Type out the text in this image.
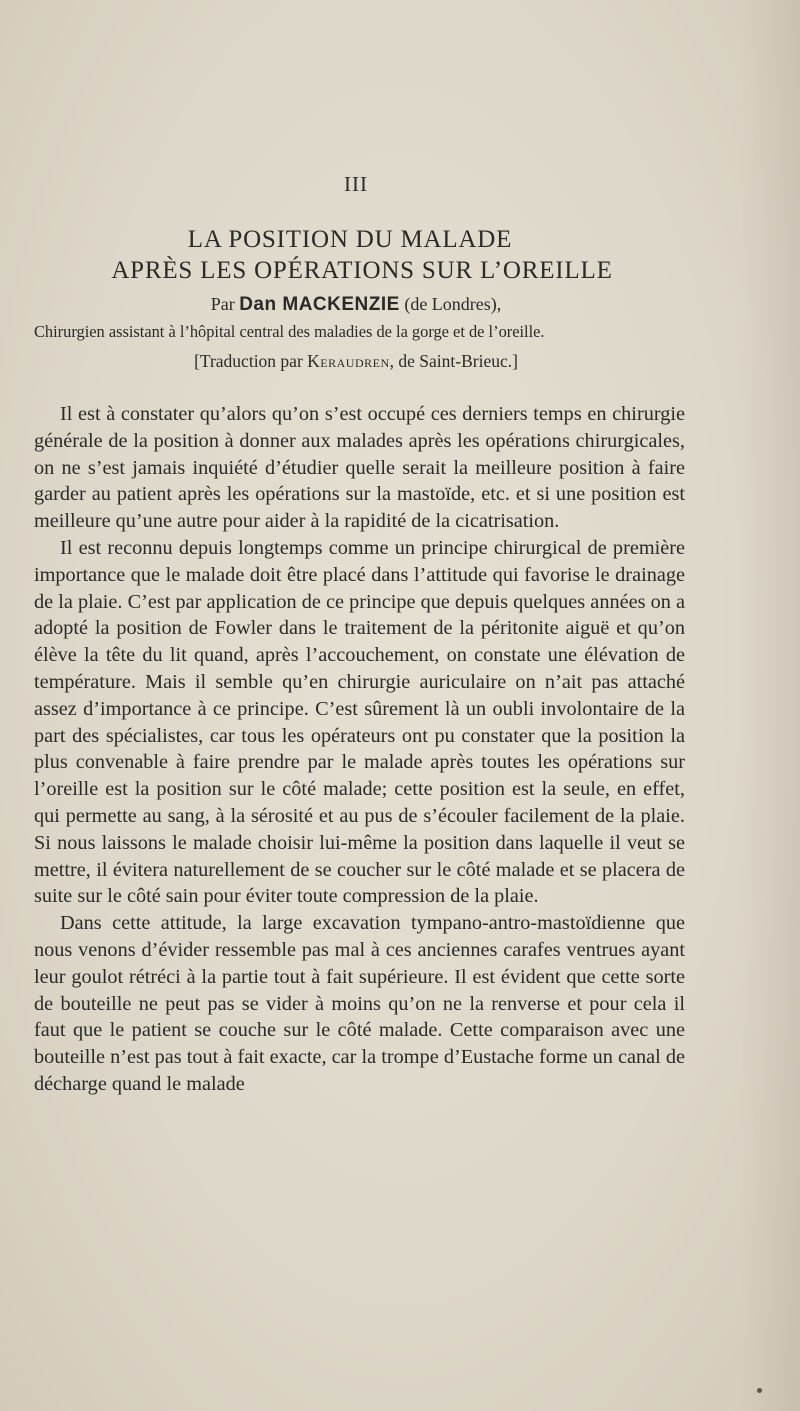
III
LA POSITION DU MALADE
APRÈS LES OPÉRATIONS SUR L’OREILLE
Par Dan MACKENZIE (de Londres),
Chirurgien assistant à l’hôpital central des maladies de la gorge et de l’oreille.
[Traduction par Keraudren, de Saint-Brieuc.]

Il est à constater qu’alors qu’on s’est occupé ces derniers temps en chirurgie générale de la position à donner aux malades après les opérations chirurgicales, on ne s’est jamais inquiété d’étudier quelle serait la meilleure position à faire garder au patient après les opérations sur la mastoïde, etc. et si une position est meilleure qu’une autre pour aider à la rapidité de la cicatrisation.

Il est reconnu depuis longtemps comme un principe chirurgical de première importance que le malade doit être placé dans l’attitude qui favorise le drainage de la plaie. C’est par application de ce principe que depuis quelques années on a adopté la position de Fowler dans le traitement de la péritonite aiguë et qu’on élève la tête du lit quand, après l’accouchement, on constate une élévation de température. Mais il semble qu’en chirurgie auriculaire on n’ait pas attaché assez d’importance à ce principe. C’est sûrement là un oubli involontaire de la part des spécialistes, car tous les opérateurs ont pu constater que la position la plus convenable à faire prendre par le malade après toutes les opérations sur l’oreille est la position sur le côté malade; cette position est la seule, en effet, qui permette au sang, à la sérosité et au pus de s’écouler facilement de la plaie. Si nous laissons le malade choisir lui-même la position dans laquelle il veut se mettre, il évitera naturellement de se coucher sur le côté malade et se placera de suite sur le côté sain pour éviter toute compression de la plaie.

Dans cette attitude, la large excavation tympano-antro-mastoïdienne que nous venons d’évider ressemble pas mal à ces anciennes carafes ventrues ayant leur goulot rétréci à la partie tout à fait supérieure. Il est évident que cette sorte de bouteille ne peut pas se vider à moins qu’on ne la renverse et pour cela il faut que le patient se couche sur le côté malade. Cette comparaison avec une bouteille n’est pas tout à fait exacte, car la trompe d’Eustache forme un canal de décharge quand le malade
